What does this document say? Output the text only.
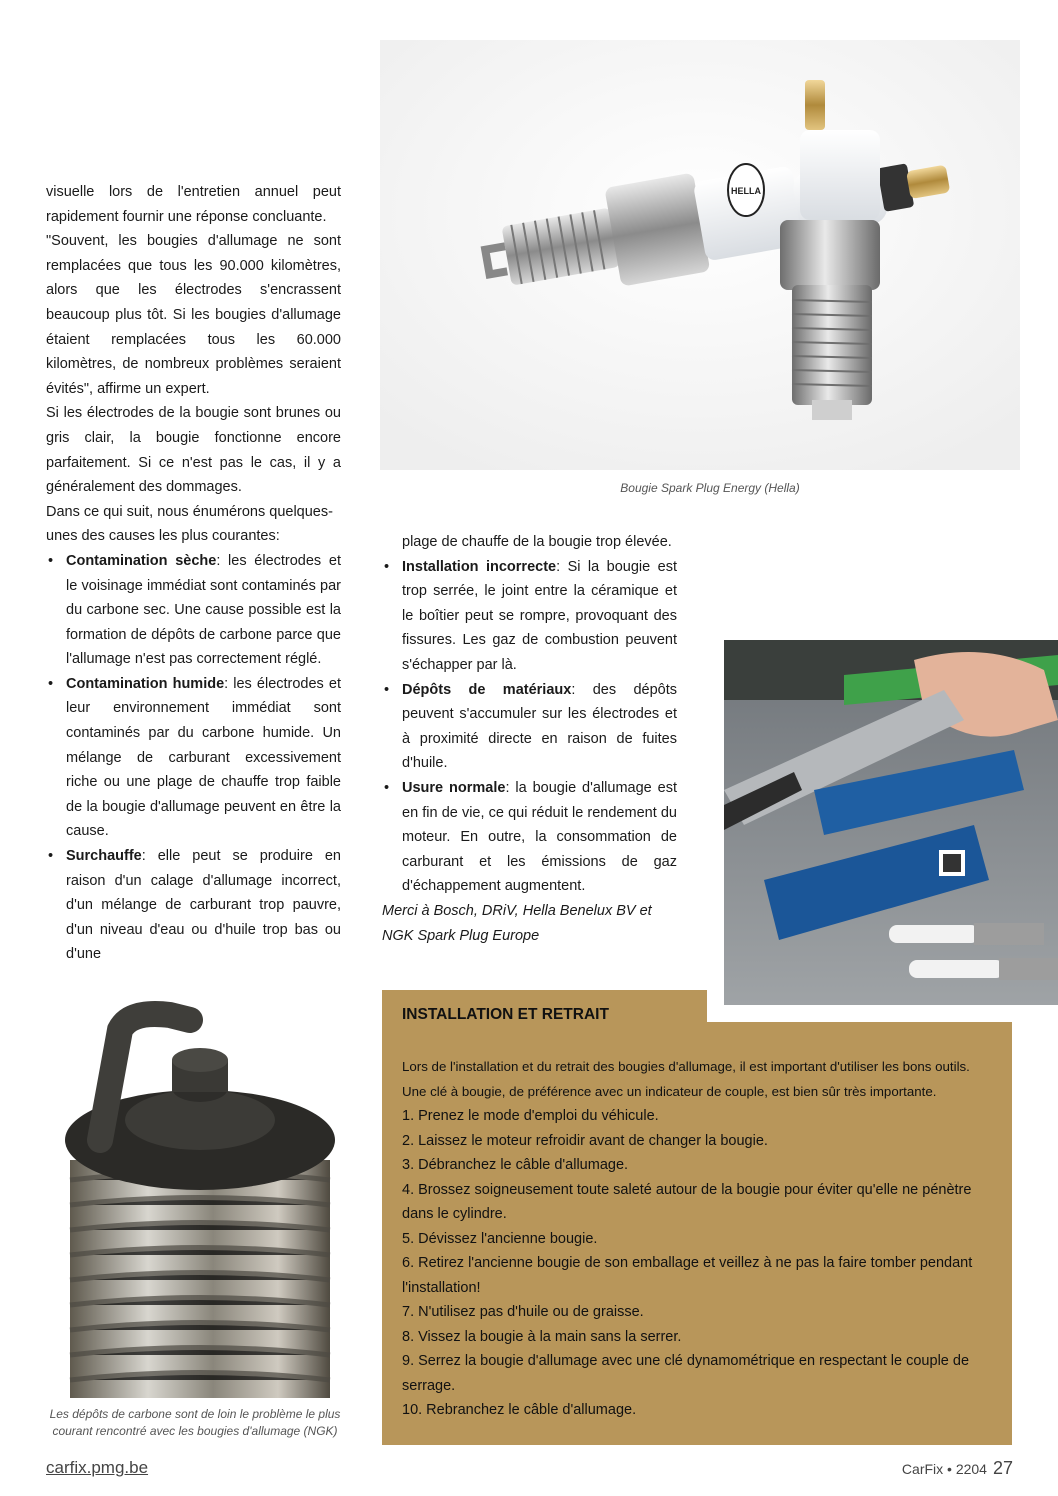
HELLA
Bougie Spark Plug Energy (Hella)

visuelle lors de l'entretien annuel peut rapidement fournir une réponse concluante.

"Souvent, les bougies d'allumage ne sont remplacées que tous les 90.000 kilomètres, alors que les électrodes s'encrassent beaucoup plus tôt. Si les bougies d'allumage étaient remplacées tous les 60.000 kilomètres, de nombreux problèmes seraient évités", affirme un expert.

Si les électrodes de la bougie sont brunes ou gris clair, la bougie fonctionne encore parfaitement. Si ce n'est pas le cas, il y a généralement des dommages.

Dans ce qui suit, nous énumérons quelques-unes des causes les plus courantes:

• Contamination sèche: les électrodes et le voisinage immédiat sont contaminés par du carbone sec. Une cause possible est la formation de dépôts de carbone parce que l'allumage n'est pas correctement réglé.
• Contamination humide: les électrodes et leur environnement immédiat sont contaminés par du carbone humide. Un mélange de carburant excessivement riche ou une plage de chauffe trop faible de la bougie d'allumage peuvent en être la cause.
• Surchauffe: elle peut se produire en raison d'un calage d'allumage incorrect, d'un mélange de carburant trop pauvre, d'un niveau d'eau ou d'huile trop bas ou d'une

plage de chauffe de la bougie trop élevée.

• Installation incorrecte: Si la bougie est trop serrée, le joint entre la céramique et le boîtier peut se rompre, provoquant des fissures. Les gaz de combustion peuvent s'échapper par là.
• Dépôts de matériaux: des dépôts peuvent s'accumuler sur les électrodes et à proximité directe en raison de fuites d'huile.
• Usure normale: la bougie d'allumage est en fin de vie, ce qui réduit le rendement du moteur. En outre, la consommation de carburant et les émissions de gaz d'échappement augmentent.

Merci à Bosch, DRiV, Hella Benelux BV et NGK Spark Plug Europe

Les dépôts de carbone sont de loin le problème le plus courant rencontré avec les bougies d'allumage (NGK)
INSTALLATION ET RETRAIT

Lors de l'installation et du retrait des bougies d'allumage, il est important d'utiliser les bons outils. Une clé à bougie, de préférence avec un indicateur de couple, est bien sûr très importante.

1. Prenez le mode d'emploi du véhicule.

2. Laissez le moteur refroidir avant de changer la bougie.

3. Débranchez le câble d'allumage.

4. Brossez soigneusement toute saleté autour de la bougie pour éviter qu'elle ne pénètre dans le cylindre.

5. Dévissez l'ancienne bougie.

6. Retirez l'ancienne bougie de son emballage et veillez à ne pas la faire tomber pendant l'installation!

7. N'utilisez pas d'huile ou de graisse.

8. Vissez la bougie à la main sans la serrer.

9. Serrez la bougie d'allumage avec une clé dynamométrique en respectant le couple de serrage.

10. Rebranchez le câble d'allumage.

carfix.pmg.be	CarFix • 2204 27
